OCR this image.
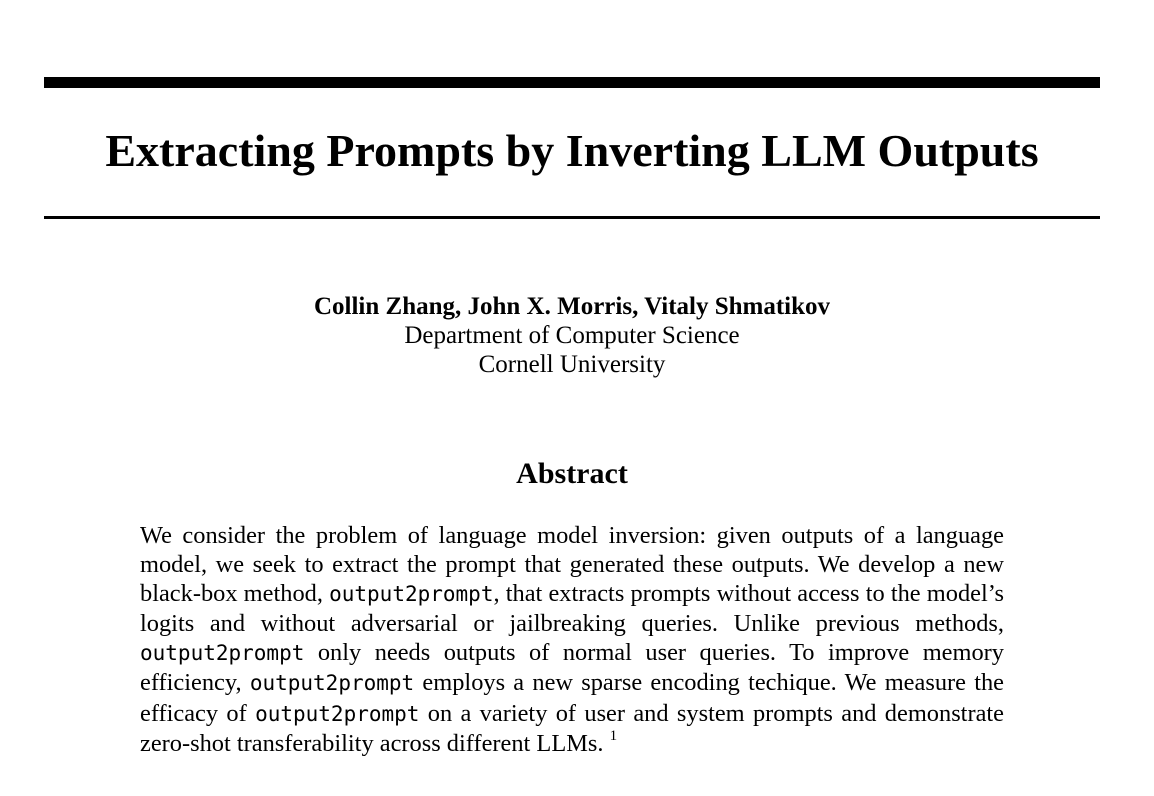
Extracting Prompts by Inverting LLM Outputs
Collin Zhang, John X. Morris, Vitaly Shmatikov
Department of Computer Science
Cornell University
Abstract

We consider the problem of language model inversion: given outputs of a language model, we seek to extract the prompt that generated these outputs. We develop a new black-box method, output2prompt, that extracts prompts without access to the model’s logits and without adversarial or jailbreaking queries. Unlike previous methods, output2prompt only needs outputs of normal user queries. To improve memory efficiency, output2prompt employs a new sparse encoding techique. We measure the efficacy of output2prompt on a variety of user and system prompts and demonstrate zero-shot transferability across different LLMs. $^1$
